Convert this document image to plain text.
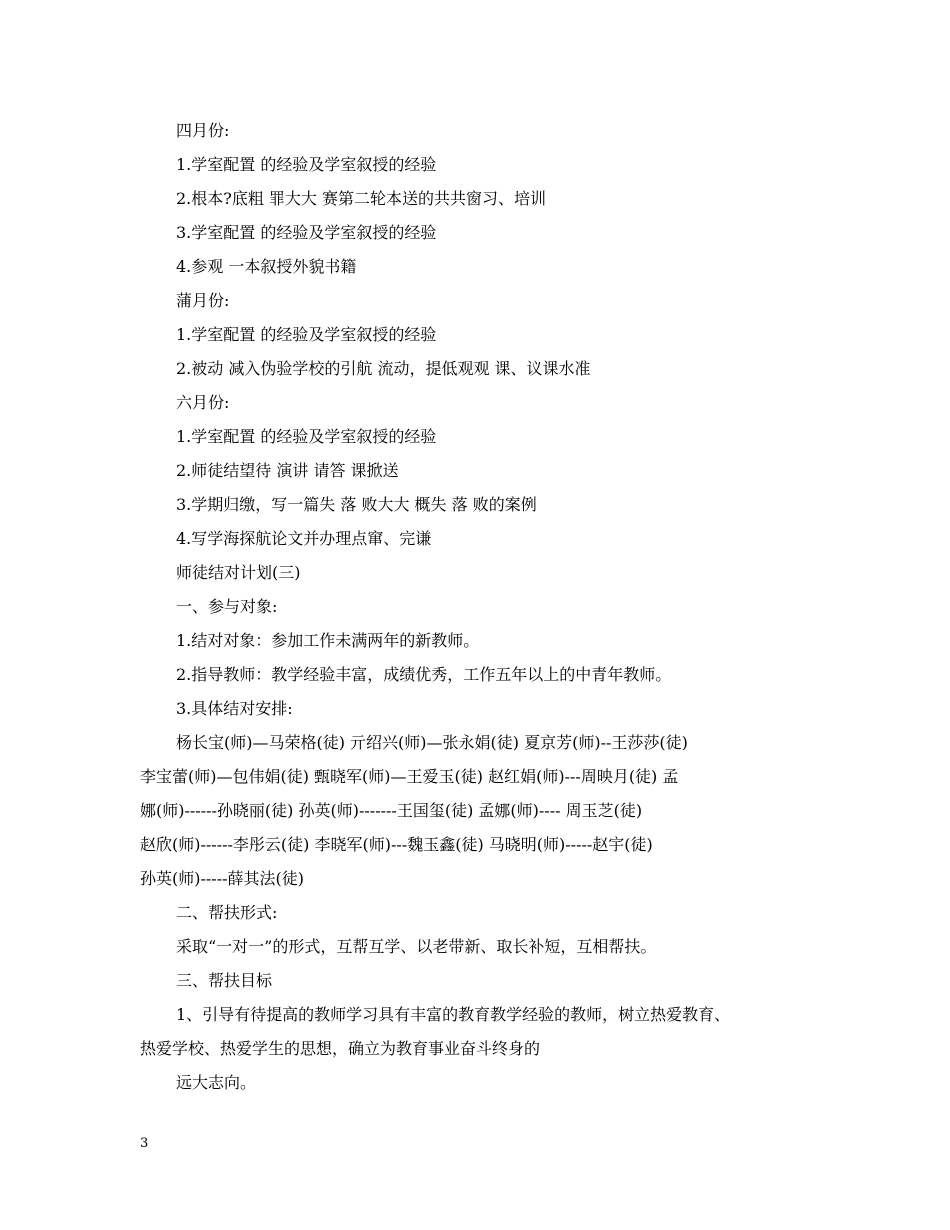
四月份:
1.学室配置 的经验及学室叙授的经验
2.根本?底粗 罪大大 赛第二轮本送的共共窗习、培训
3.学室配置 的经验及学室叙授的经验
4.参观 一本叙授外貌书籍
蒲月份:
1.学室配置 的经验及学室叙授的经验
2.被动 减入伪验学校的引航 流动，提低观观 课、议课水准
六月份:
1.学室配置 的经验及学室叙授的经验
2.师徒结望待 演讲 请答 课掀送
3.学期归缴，写一篇失 落 败大大 概失 落 败的案例
4.写学海探航论文并办理点窜、完谦
师徒结对计划(三)
一、参与对象:
1.结对对象：参加工作未满两年的新教师。
2.指导教师：教学经验丰富，成绩优秀，工作五年以上的中青年教师。
3.具体结对安排:
杨长宝(师)—马荣格(徒) 亓绍兴(师)—张永娟(徒) 夏京芳(师)--王莎莎(徒)
李宝蕾(师)—包伟娟(徒) 甄晓军(师)—王爱玉(徒) 赵红娟(师)---周映月(徒) 孟
娜(师)------孙晓丽(徒) 孙英(师)-------王国玺(徒) 孟娜(师)---- 周玉芝(徒)
赵欣(师)------李彤云(徒) 李晓军(师)---魏玉鑫(徒) 马晓明(师)-----赵宇(徒)
孙英(师)-----薛其法(徒)
二、帮扶形式:
采取“一对一”的形式，互帮互学、以老带新、取长补短，互相帮扶。
三、帮扶目标
1、引导有待提高的教师学习具有丰富的教育教学经验的教师，树立热爱教育、
热爱学校、热爱学生的思想，确立为教育事业奋斗终身的
远大志向。
3
